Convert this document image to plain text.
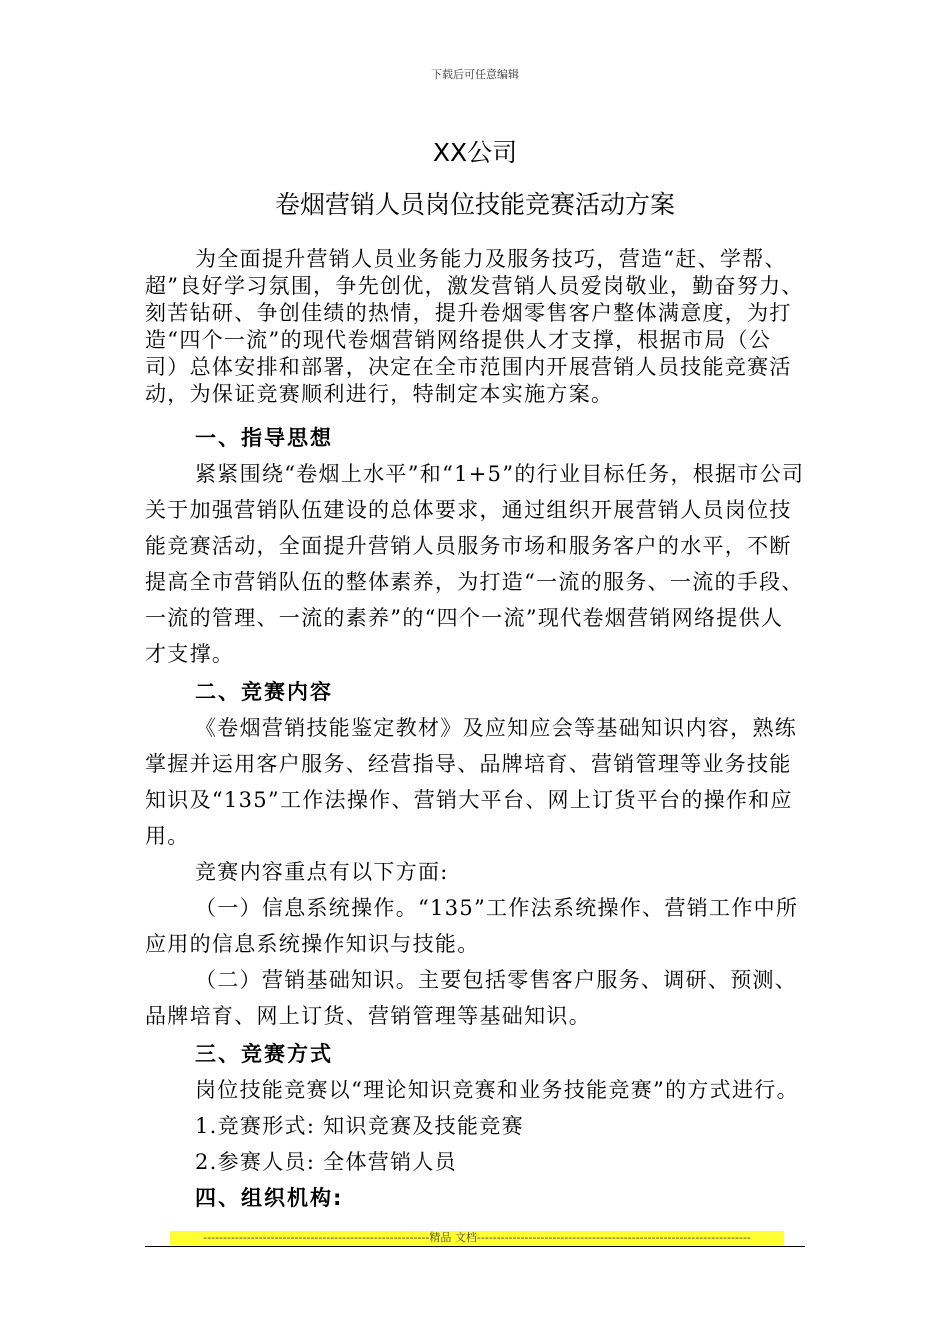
下载后可任意编辑
XX公司
卷烟营销人员岗位技能竞赛活动方案

为全面提升营销人员业务能力及服务技巧，营造“赶、学帮、超”良好学习氛围，争先创优，激发营销人员爱岗敬业，勤奋努力、刻苦钻研、争创佳绩的热情，提升卷烟零售客户整体满意度，为打造“四个一流”的现代卷烟营销网络提供人才支撑，根据市局（公司）总体安排和部署，决定在全市范围内开展营销人员技能竞赛活动，为保证竞赛顺利进行，特制定本实施方案。

一、指导思想

紧紧围绕“卷烟上水平”和“1+5”的行业目标任务，根据市公司关于加强营销队伍建设的总体要求，通过组织开展营销人员岗位技能竞赛活动，全面提升营销人员服务市场和服务客户的水平，不断提高全市营销队伍的整体素养，为打造“一流的服务、一流的手段、一流的管理、一流的素养”的“四个一流”现代卷烟营销网络提供人才支撑。

二、竞赛内容

《卷烟营销技能鉴定教材》及应知应会等基础知识内容，熟练掌握并运用客户服务、经营指导、品牌培育、营销管理等业务技能知识及“135”工作法操作、营销大平台、网上订货平台的操作和应用。

竞赛内容重点有以下方面:

（一）信息系统操作。“135”工作法系统操作、营销工作中所应用的信息系统操作知识与技能。

（二）营销基础知识。主要包括零售客户服务、调研、预测、品牌培育、网上订货、营销管理等基础知识。

三、竞赛方式

岗位技能竞赛以“理论知识竞赛和业务技能竞赛”的方式进行。

1.竞赛形式: 知识竞赛及技能竞赛

2.参赛人员: 全体营销人员

四、组织机构:

---------------------------------------------------------精品 文档---------------------------------------------------------------------
